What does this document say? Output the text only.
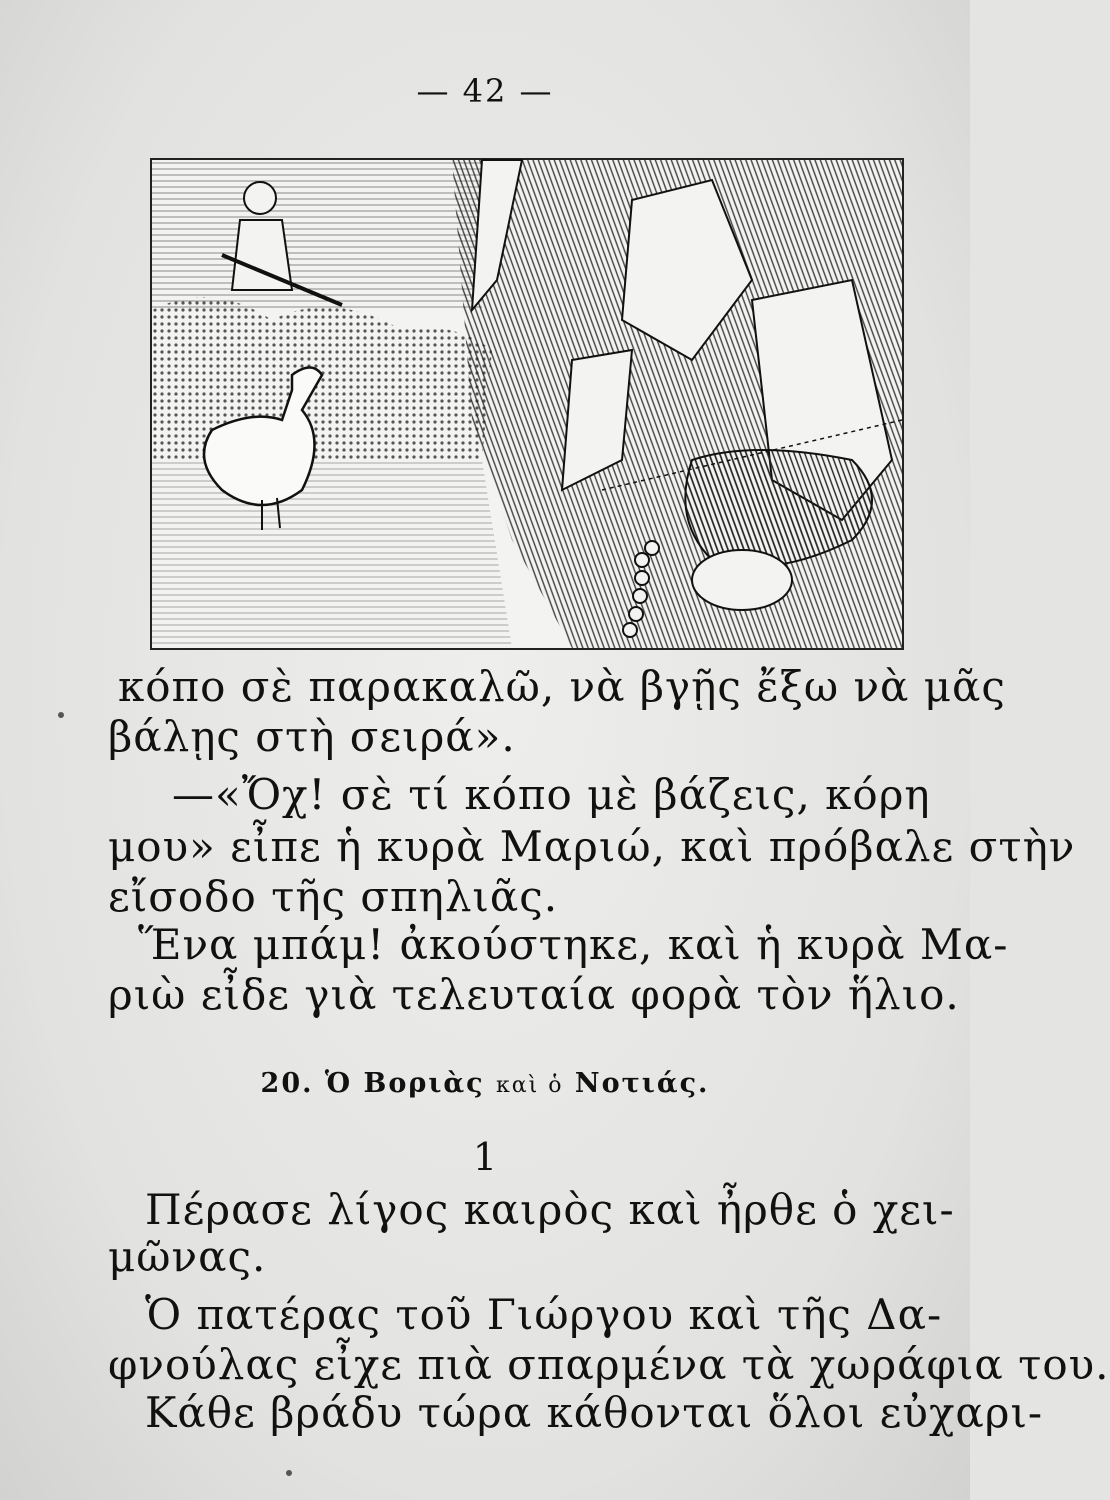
— 42 —
κόπο σὲ παρακαλῶ, νὰ βγῇς ἔξω νὰ μᾶς
βάλῃς στὴ σειρά».
—«Ὄχ! σὲ τί κόπο μὲ βάζεις, κόρη
μου» εἶπε ἡ κυρὰ Μαριώ, καὶ πρόβαλε στὴν
εἴσοδο τῆς σπηλιᾶς.
Ἕνα μπάμ! ἀκούστηκε, καὶ ἡ κυρὰ Μα-
ριὼ εἶδε γιὰ τελευταία φορὰ τὸν ἥλιο.
20. Ὁ Βοριὰς καὶ ὁ Νοτιάς.
1
Πέρασε λίγος καιρὸς καὶ ἦρθε ὁ χει-
μῶνας.
Ὁ πατέρας τοῦ Γιώργου καὶ τῆς Δα-
φνούλας εἶχε πιὰ σπαρμένα τὰ χωράφια του.
Κάθε βράδυ τώρα κάθονται ὅλοι εὐχαρι-
